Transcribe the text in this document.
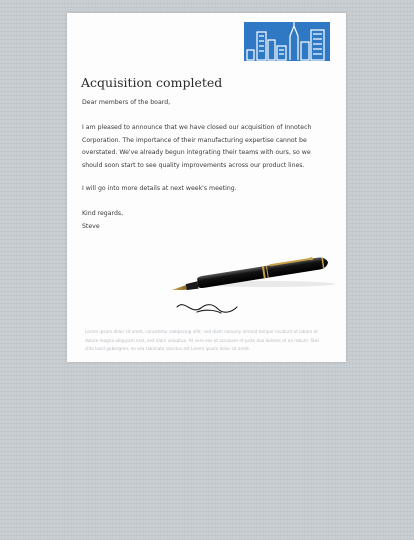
Acquisition completed
Dear members of the board,
I am pleased to announce that we have closed our acquisition of Innotech Corporation. The importance of their manufacturing expertise cannot be overstated. We've already begun integrating their teams with ours, so we should soon start to see quality improvements across our product lines.
I will go into more details at next week's meeting.
Kind regards,
Steve
Lorem ipsum dolor sit amet, consetetur sadipscing elitr, sed diam nonumy eirmod tempor invidunt ut labore et dolore magna aliquyam erat, sed diam voluptua. At vero eos et accusam et justo duo dolores et ea rebum. Stet clita kasd gubergren, no sea takimata sanctus est Lorem ipsum dolor sit amet.
